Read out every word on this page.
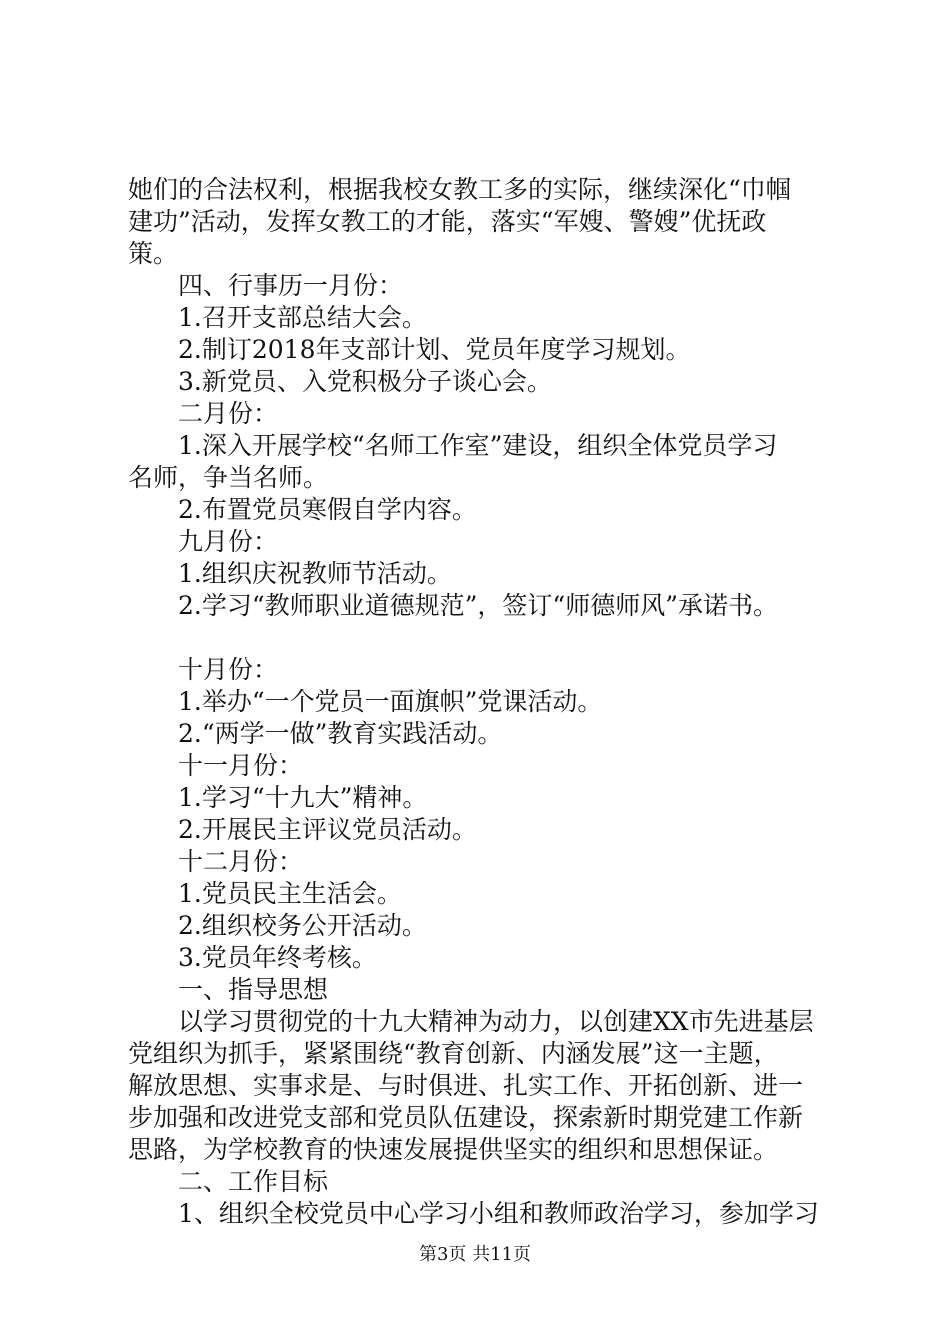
她们的合法权利，根据我校女教工多的实际，继续深化“巾帼
建功”活动，发挥女教工的才能，落实“军嫂、警嫂”优抚政
策。
四、行事历一月份：
1.召开支部总结大会。
2.制订2018年支部计划、党员年度学习规划。
3.新党员、入党积极分子谈心会。
二月份：
1.深入开展学校“名师工作室”建设，组织全体党员学习
名师，争当名师。
2.布置党员寒假自学内容。
九月份：
1.组织庆祝教师节活动。
2.学习“教师职业道德规范”，签订“师德师风”承诺书。
十月份：
1.举办“一个党员一面旗帜”党课活动。
2.“两学一做”教育实践活动。
十一月份：
1.学习“十九大”精神。
2.开展民主评议党员活动。
十二月份：
1.党员民主生活会。
2.组织校务公开活动。
3.党员年终考核。
一、指导思想
以学习贯彻党的十九大精神为动力，以创建XX市先进基层
党组织为抓手，紧紧围绕“教育创新、内涵发展”这一主题，
解放思想、实事求是、与时俱进、扎实工作、开拓创新、进一
步加强和改进党支部和党员队伍建设，探索新时期党建工作新
思路，为学校教育的快速发展提供坚实的组织和思想保证。
二、工作目标
1、组织全校党员中心学习小组和教师政治学习，参加学习
第3页 共11页
